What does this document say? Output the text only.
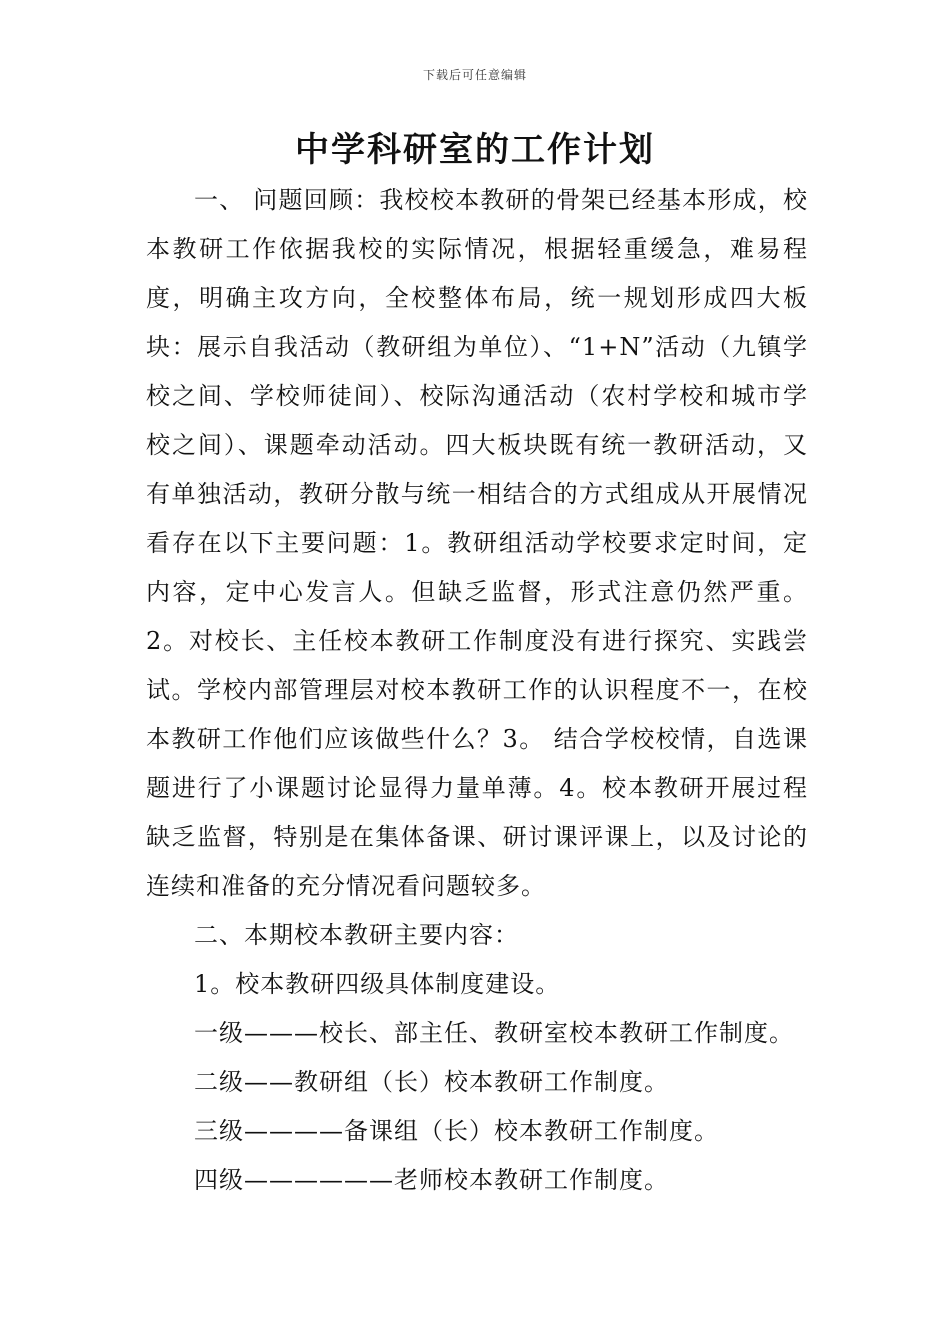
下载后可任意编辑
中学科研室的工作计划

一、 问题回顾：我校校本教研的骨架已经基本形成，校本教研工作依据我校的实际情况，根据轻重缓急，难易程度，明确主攻方向，全校整体布局，统一规划形成四大板块：展示自我活动（教研组为单位）、“1+N”活动（九镇学校之间、学校师徒间）、校际沟通活动（农村学校和城市学校之间）、课题牵动活动。四大板块既有统一教研活动，又有单独活动，教研分散与统一相结合的方式组成从开展情况看存在以下主要问题：1。教研组活动学校要求定时间，定内容，定中心发言人。但缺乏监督，形式注意仍然严重。2。对校长、主任校本教研工作制度没有进行探究、实践尝试。学校内部管理层对校本教研工作的认识程度不一，在校本教研工作他们应该做些什么？3。 结合学校校情，自选课题进行了小课题讨论显得力量单薄。4。校本教研开展过程缺乏监督，特别是在集体备课、研讨课评课上，以及讨论的连续和准备的充分情况看问题较多。

二、本期校本教研主要内容：

1。校本教研四级具体制度建设。

一级———校长、部主任、教研室校本教研工作制度。

二级——教研组（长）校本教研工作制度。

三级————备课组（长）校本教研工作制度。

四级——————老师校本教研工作制度。
